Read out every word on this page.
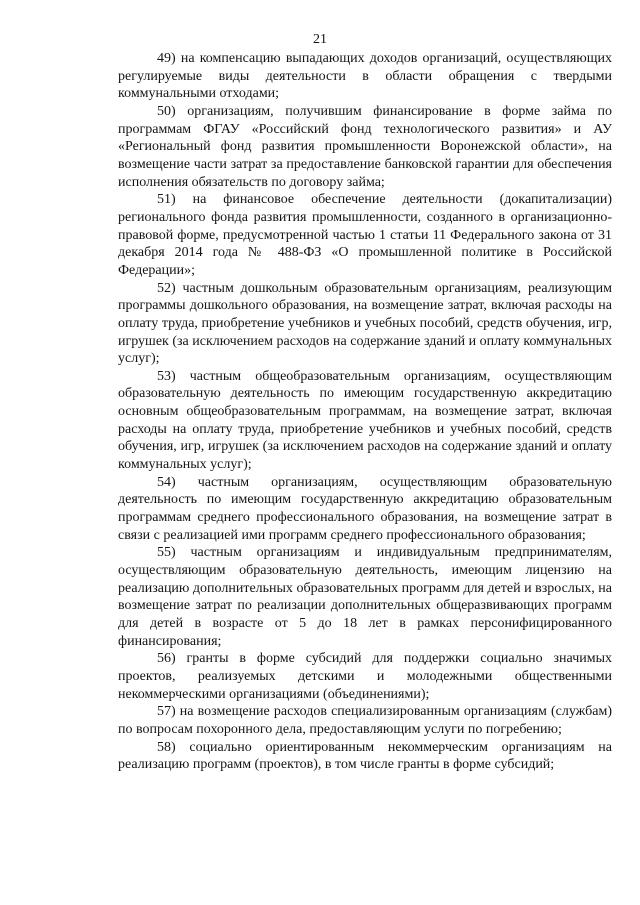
21

49) на компенсацию выпадающих доходов организаций, осуществляющих регулируемые виды деятельности в области обращения с твердыми коммунальными отходами;

50) организациям, получившим финансирование в форме займа по программам ФГАУ «Российский фонд технологического развития» и АУ «Региональный фонд развития промышленности Воронежской области», на возмещение части затрат за предоставление банковской гарантии для обеспечения исполнения обязательств по договору займа;

51) на финансовое обеспечение деятельности (докапитализации) регионального фонда развития промышленности, созданного в организационно-правовой форме, предусмотренной частью 1 статьи 11 Федерального закона от 31 декабря 2014 года № 488-ФЗ «О промышленной политике в Российской Федерации»;

52) частным дошкольным образовательным организациям, реализующим программы дошкольного образования, на возмещение затрат, включая расходы на оплату труда, приобретение учебников и учебных пособий, средств обучения, игр, игрушек (за исключением расходов на содержание зданий и оплату коммунальных услуг);

53) частным общеобразовательным организациям, осуществляющим образовательную деятельность по имеющим государственную аккредитацию основным общеобразовательным программам, на возмещение затрат, включая расходы на оплату труда, приобретение учебников и учебных пособий, средств обучения, игр, игрушек (за исключением расходов на содержание зданий и оплату коммунальных услуг);

54) частным организациям, осуществляющим образовательную деятельность по имеющим государственную аккредитацию образовательным программам среднего профессионального образования, на возмещение затрат в связи с реализацией ими программ среднего профессионального образования;

55) частным организациям и индивидуальным предпринимателям, осуществляющим образовательную деятельность, имеющим лицензию на реализацию дополнительных образовательных программ для детей и взрослых, на возмещение затрат по реализации дополнительных общеразвивающих программ для детей в возрасте от 5 до 18 лет в рамках персонифицированного финансирования;

56) гранты в форме субсидий для поддержки социально значимых проектов, реализуемых детскими и молодежными общественными некоммерческими организациями (объединениями);

57) на возмещение расходов специализированным организациям (службам) по вопросам похоронного дела, предоставляющим услуги по погребению;

58) социально ориентированным некоммерческим организациям на реализацию программ (проектов), в том числе гранты в форме субсидий;
